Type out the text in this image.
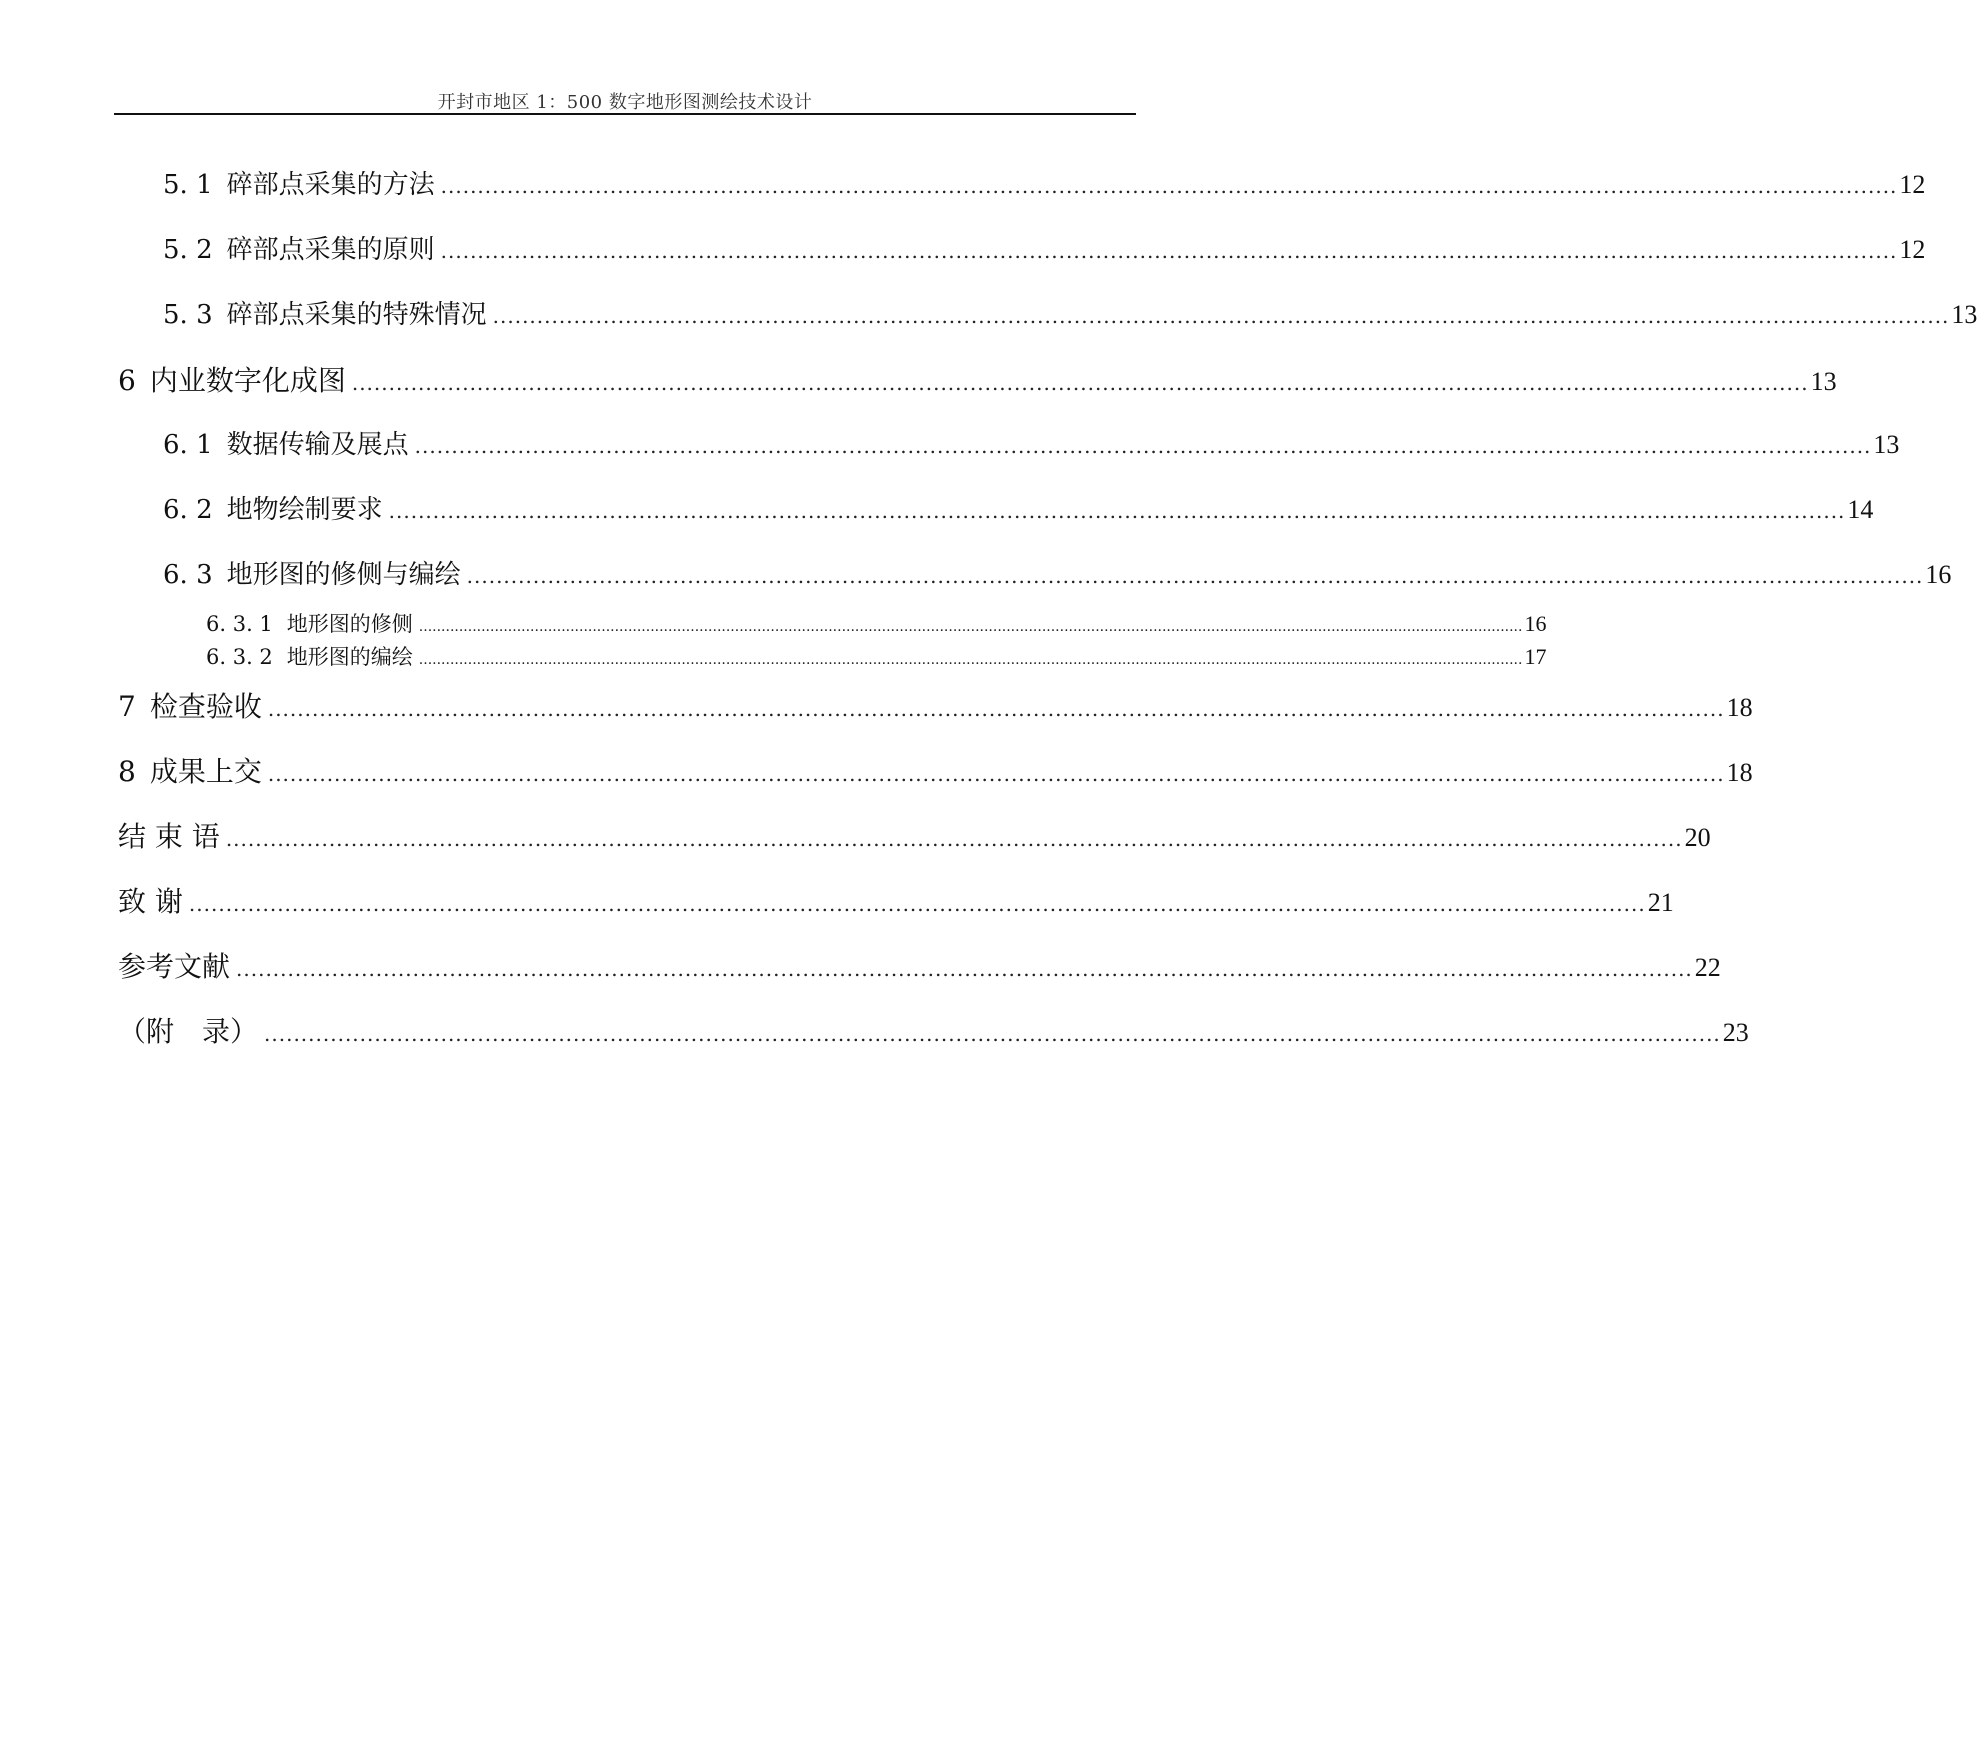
开封市地区 1：500 数字地形图测绘技术设计
5. 1 碎部点采集的方法 ...................................................................................................................................................................................................... 12
5. 2 碎部点采集的原则 ...................................................................................................................................................................................................... 12
5. 3 碎部点采集的特殊情况 ...................................................................................................................................................................................................... 13
6 内业数字化成图 ...................................................................................................................................................................................................... 13
6. 1 数据传输及展点 ...................................................................................................................................................................................................... 13
6. 2 地物绘制要求 ...................................................................................................................................................................................................... 14
6. 3 地形图的修侧与编绘 ...................................................................................................................................................................................................... 16
6. 3. 1 地形图的修侧 ........................................................................................................................................................................................................................................................ 16
6. 3. 2 地形图的编绘 ........................................................................................................................................................................................................................................................ 17
7 检查验收 ...................................................................................................................................................................................................... 18
8 成果上交 ...................................................................................................................................................................................................... 18
结 束 语 ...................................................................................................................................................................................................... 20
致 谢 ...................................................................................................................................................................................................... 21
参考文献 ...................................................................................................................................................................................................... 22
（附　录） ...................................................................................................................................................................................................... 23
